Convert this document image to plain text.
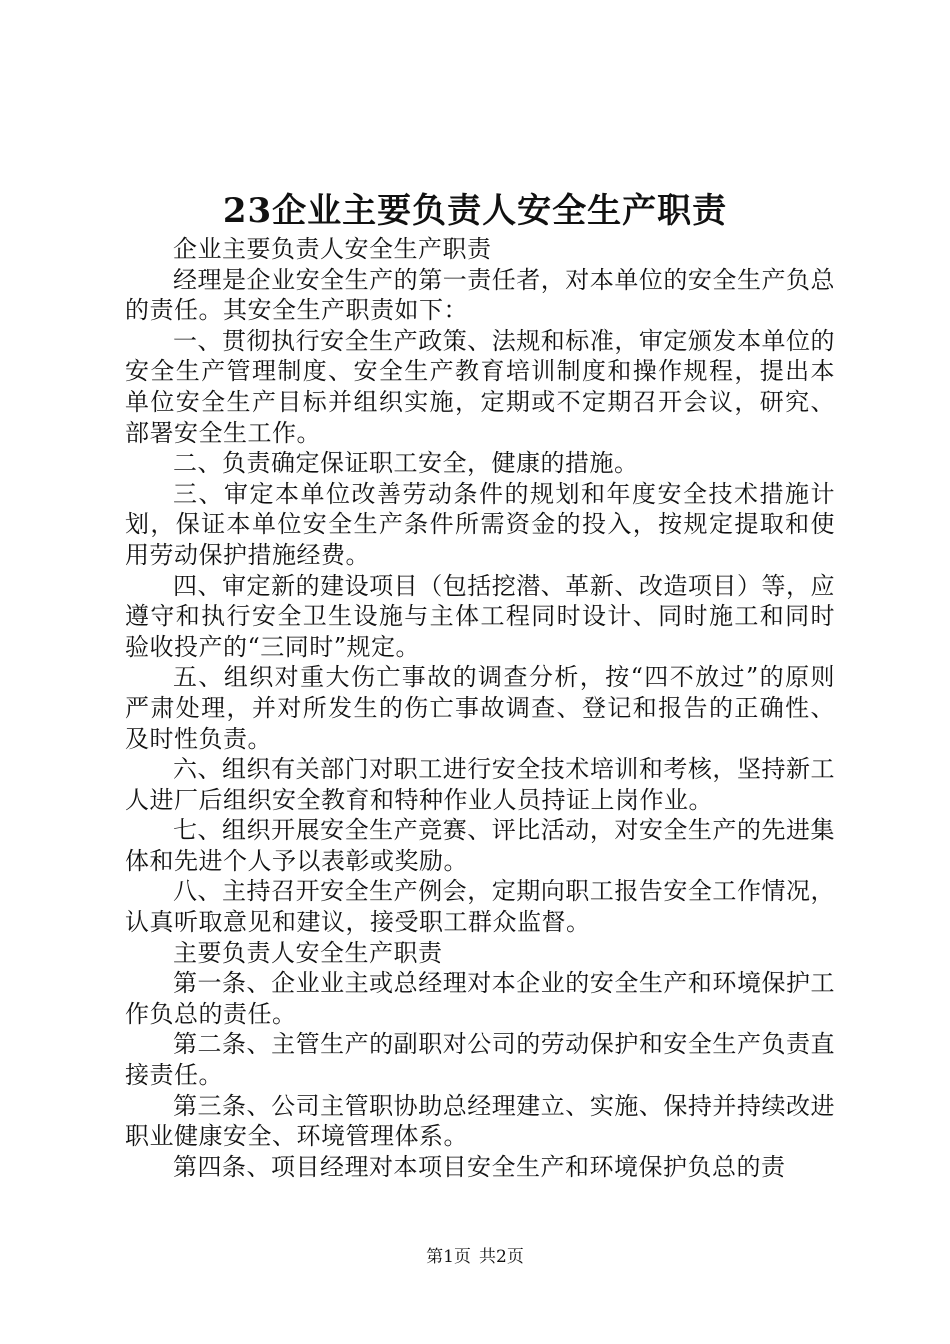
23企业主要负责人安全生产职责

企业主要负责人安全生产职责

经理是企业安全生产的第一责任者，对本单位的安全生产负总的责任。其安全生产职责如下：

一、贯彻执行安全生产政策、法规和标准，审定颁发本单位的安全生产管理制度、安全生产教育培训制度和操作规程，提出本单位安全生产目标并组织实施，定期或不定期召开会议，研究、部署安全生工作。

二、负责确定保证职工安全，健康的措施。

三、审定本单位改善劳动条件的规划和年度安全技术措施计划，保证本单位安全生产条件所需资金的投入，按规定提取和使用劳动保护措施经费。

四、审定新的建设项目（包括挖潜、革新、改造项目）等，应遵守和执行安全卫生设施与主体工程同时设计、同时施工和同时验收投产的“三同时”规定。

五、组织对重大伤亡事故的调查分析，按“四不放过”的原则严肃处理，并对所发生的伤亡事故调查、登记和报告的正确性、及时性负责。

六、组织有关部门对职工进行安全技术培训和考核，坚持新工人进厂后组织安全教育和特种作业人员持证上岗作业。

七、组织开展安全生产竞赛、评比活动，对安全生产的先进集体和先进个人予以表彰或奖励。

八、主持召开安全生产例会，定期向职工报告安全工作情况，认真听取意见和建议，接受职工群众监督。

主要负责人安全生产职责

第一条、企业业主或总经理对本企业的安全生产和环境保护工作负总的责任。

第二条、主管生产的副职对公司的劳动保护和安全生产负责直接责任。

第三条、公司主管职协助总经理建立、实施、保持并持续改进职业健康安全、环境管理体系。

第四条、项目经理对本项目安全生产和环境保护负总的责

第1页 共2页
